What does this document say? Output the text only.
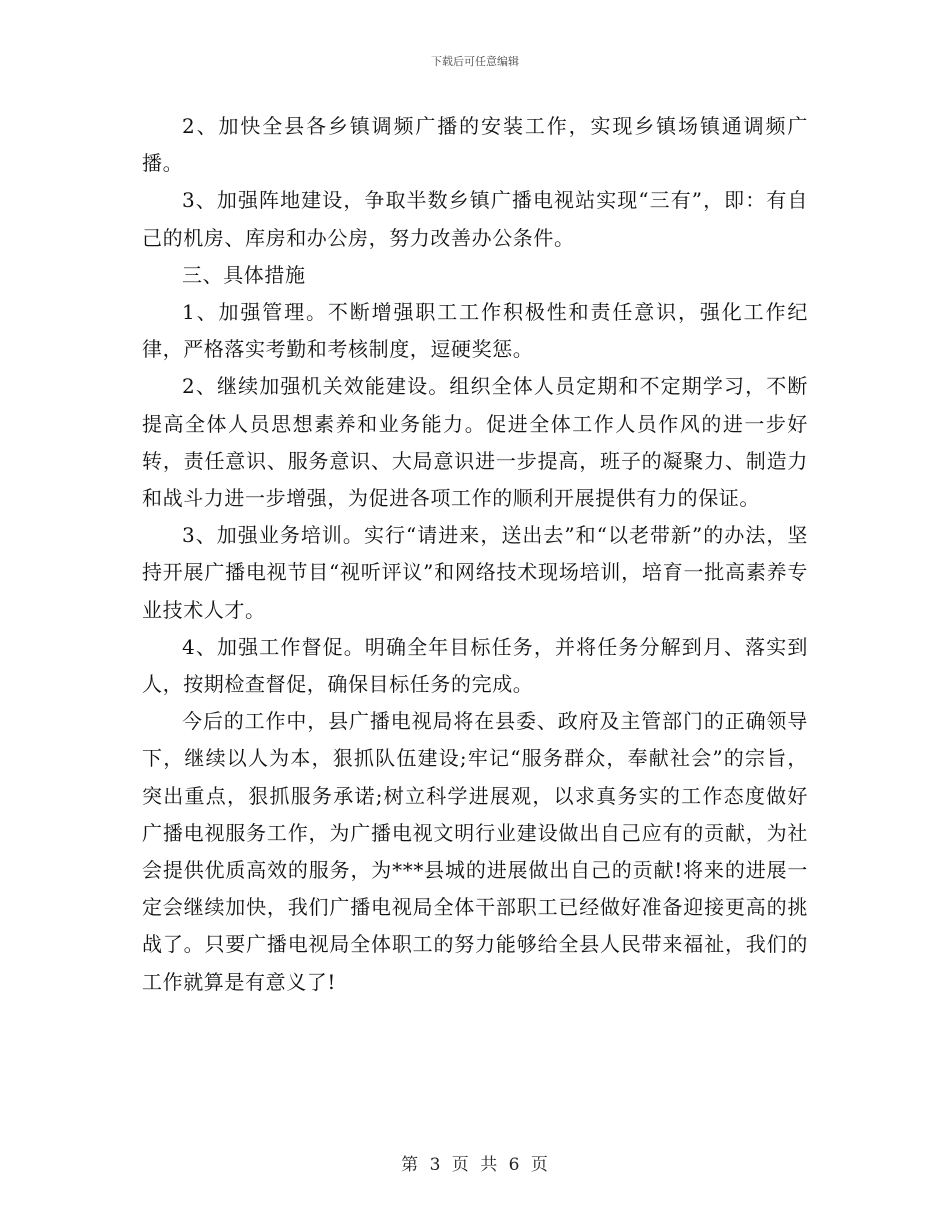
下载后可任意编辑

2、加快全县各乡镇调频广播的安装工作，实现乡镇场镇通调频广播。

3、加强阵地建设，争取半数乡镇广播电视站实现“三有”，即：有自己的机房、库房和办公房，努力改善办公条件。

三、具体措施

1、加强管理。不断增强职工工作积极性和责任意识，强化工作纪律，严格落实考勤和考核制度，逗硬奖惩。

2、继续加强机关效能建设。组织全体人员定期和不定期学习，不断提高全体人员思想素养和业务能力。促进全体工作人员作风的进一步好转，责任意识、服务意识、大局意识进一步提高，班子的凝聚力、制造力和战斗力进一步增强，为促进各项工作的顺利开展提供有力的保证。

3、加强业务培训。实行“请进来，送出去”和“以老带新”的办法，坚持开展广播电视节目“视听评议”和网络技术现场培训，培育一批高素养专业技术人才。

4、加强工作督促。明确全年目标任务，并将任务分解到月、落实到人，按期检查督促，确保目标任务的完成。

今后的工作中，县广播电视局将在县委、政府及主管部门的正确领导下，继续以人为本，狠抓队伍建设;牢记“服务群众，奉献社会”的宗旨，突出重点，狠抓服务承诺;树立科学进展观，以求真务实的工作态度做好广播电视服务工作，为广播电视文明行业建设做出自己应有的贡献，为社会提供优质高效的服务，为***县城的进展做出自己的贡献!将来的进展一定会继续加快，我们广播电视局全体干部职工已经做好准备迎接更高的挑战了。只要广播电视局全体职工的努力能够给全县人民带来福祉，我们的工作就算是有意义了!

第 3 页 共 6 页
